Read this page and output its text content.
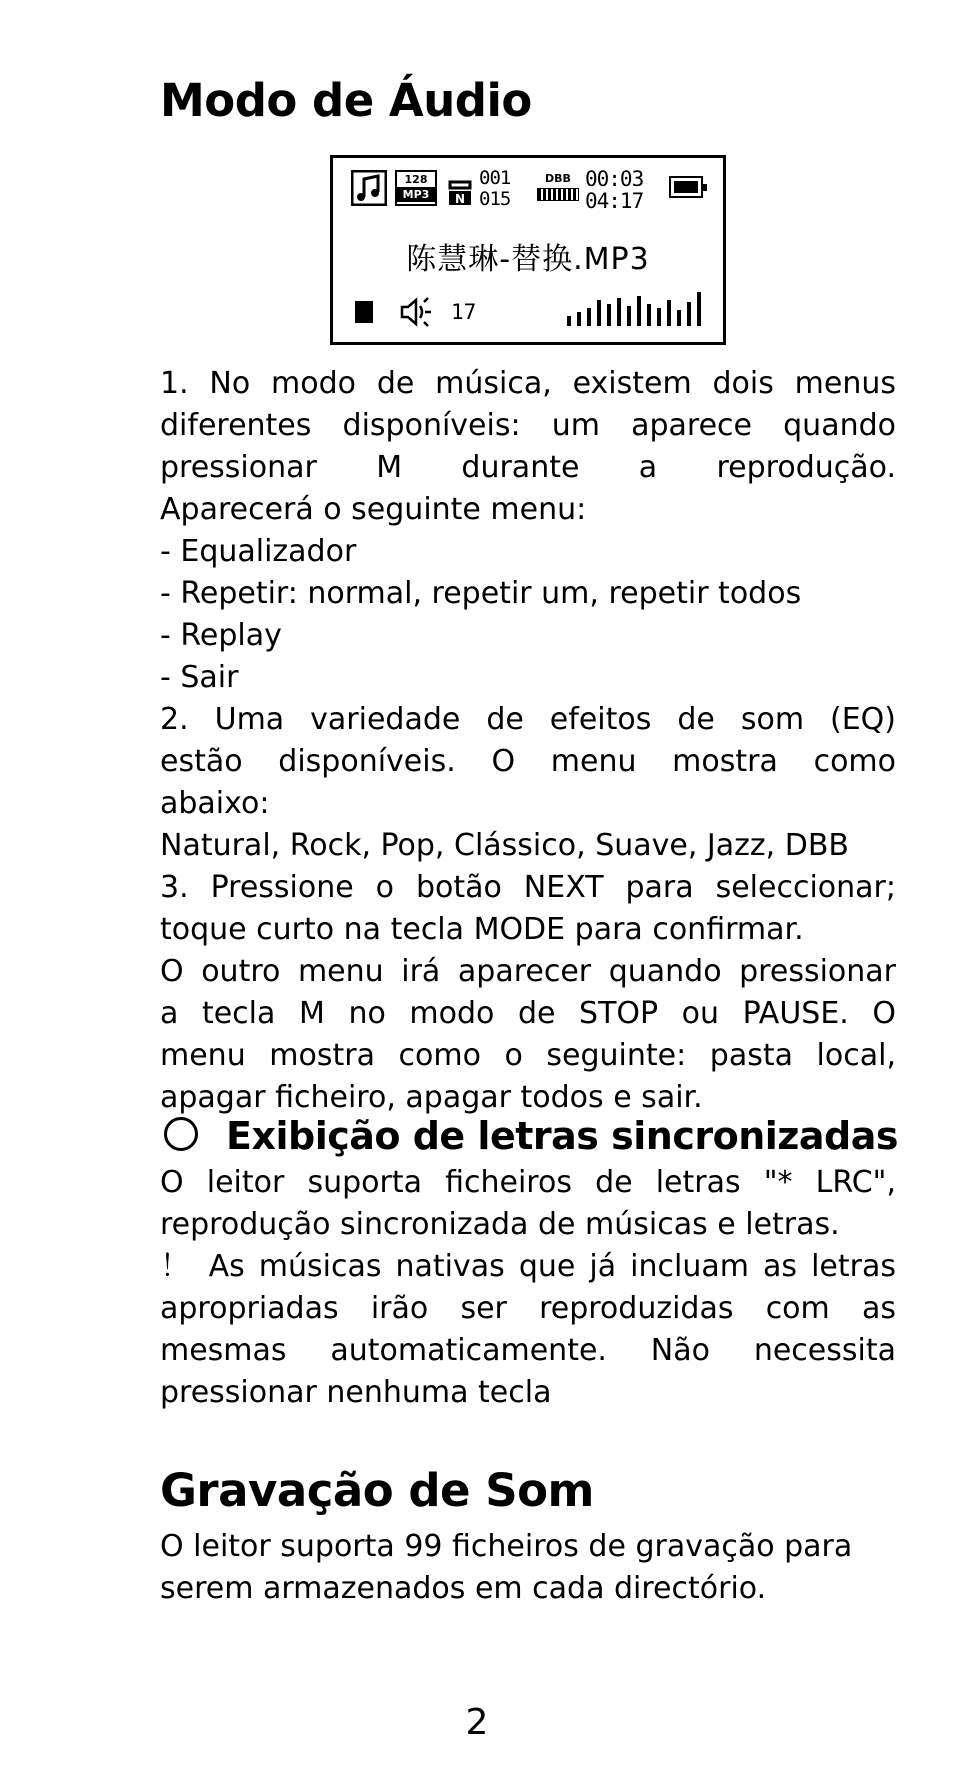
Modo de Áudio
128
MP3	N
001
015
DBB 00:03
04:17
陈慧琳-替换.MP3
17
1. No modo de música, existem dois menus
diferentes disponíveis: um aparece quando
pressionar M durante a reprodução.
Aparecerá o seguinte menu:
- Equalizador
- Repetir: normal, repetir um, repetir todos
- Replay
- Sair
2. Uma variedade de efeitos de som (EQ)
estão disponíveis. O menu mostra como
abaixo:
Natural, Rock, Pop, Clássico, Suave, Jazz, DBB
3. Pressione o botão NEXT para seleccionar;
toque curto na tecla MODE para confirmar.
O outro menu irá aparecer quando pressionar
a tecla M no modo de STOP ou PAUSE. O
menu mostra como o seguinte: pasta local,
apagar ficheiro, apagar todos e sair.
Exibição de letras sincronizadas
O leitor suporta ficheiros de letras "* LRC",
reprodução sincronizada de músicas e letras.
！ As músicas nativas que já incluam as letras
apropriadas irão ser reproduzidas com as
mesmas automaticamente. Não necessita
pressionar nenhuma tecla
Gravação de Som
O leitor suporta 99 ficheiros de gravação para
serem armazenados em cada directório.
2
